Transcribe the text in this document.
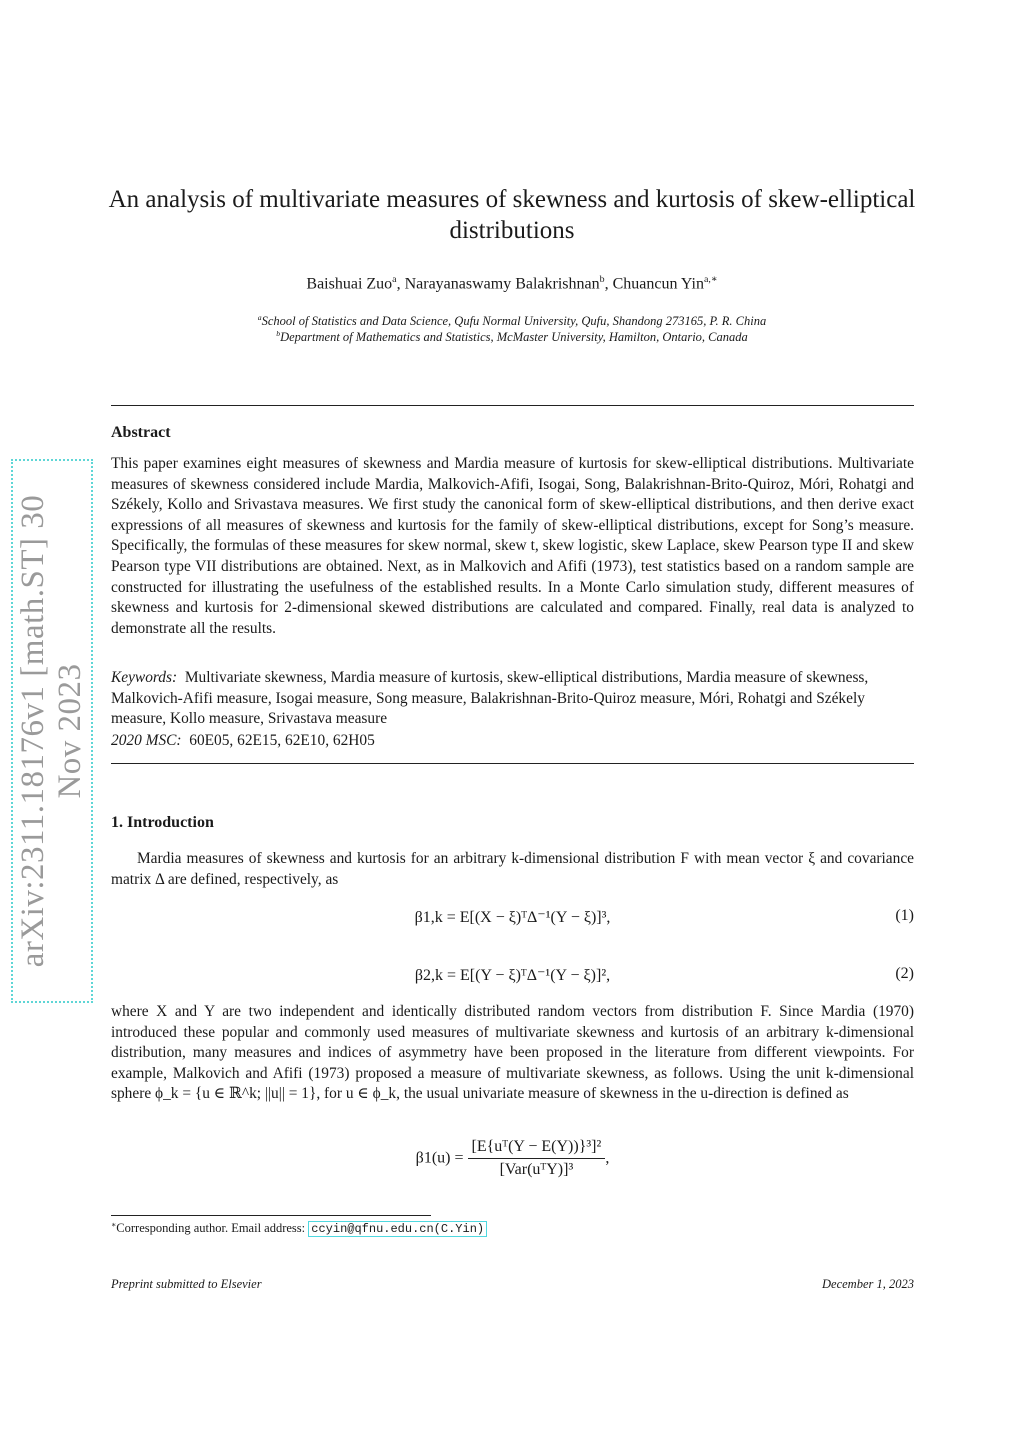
arXiv:2311.18176v1 [math.ST] 30 Nov 2023
An analysis of multivariate measures of skewness and kurtosis of skew-elliptical distributions
Baishuai Zuo$^a$, Narayanaswamy Balakrishnan$^b$, Chuancun Yin$^{a,∗}$
$^a$School of Statistics and Data Science, Qufu Normal University, Qufu, Shandong 273165, P. R. China
$^b$Department of Mathematics and Statistics, McMaster University, Hamilton, Ontario, Canada
Abstract
This paper examines eight measures of skewness and Mardia measure of kurtosis for skew-elliptical distributions. Multivariate measures of skewness considered include Mardia, Malkovich-Afifi, Isogai, Song, Balakrishnan-Brito-Quiroz, Móri, Rohatgi and Székely, Kollo and Srivastava measures. We first study the canonical form of skew-elliptical distributions, and then derive exact expressions of all measures of skewness and kurtosis for the family of skew-elliptical distributions, except for Song’s measure. Specifically, the formulas of these measures for skew normal, skew t, skew logistic, skew Laplace, skew Pearson type II and skew Pearson type VII distributions are obtained. Next, as in Malkovich and Afifi (1973), test statistics based on a random sample are constructed for illustrating the usefulness of the established results. In a Monte Carlo simulation study, different measures of skewness and kurtosis for 2-dimensional skewed distributions are calculated and compared. Finally, real data is analyzed to demonstrate all the results.
Keywords: Multivariate skewness, Mardia measure of kurtosis, skew-elliptical distributions, Mardia measure of skewness, Malkovich-Afifi measure, Isogai measure, Song measure, Balakrishnan-Brito-Quiroz measure, Móri, Rohatgi and Székely measure, Kollo measure, Srivastava measure
2020 MSC: 60E05, 62E15, 62E10, 62H05
1. Introduction
Mardia measures of skewness and kurtosis for an arbitrary k-dimensional distribution F with mean vector ξ and covariance matrix Δ are defined, respectively, as
β1,k = E[(X − ξ)ᵀΔ⁻¹(Y − ξ)]³,	(1)
β2,k = E[(Y − ξ)ᵀΔ⁻¹(Y − ξ)]²,	(2)
where X and Y are two independent and identically distributed random vectors from distribution F. Since Mardia (1970) introduced these popular and commonly used measures of multivariate skewness and kurtosis of an arbitrary k-dimensional distribution, many measures and indices of asymmetry have been proposed in the literature from different viewpoints. For example, Malkovich and Afifi (1973) proposed a measure of multivariate skewness, as follows. Using the unit k-dimensional sphere ϕ_k = {u ∈ ℝ^k; ||u|| = 1}, for u ∈ ϕ_k, the usual univariate measure of skewness in the u-direction is defined as
$\beta 1(u) = \frac{\text{[E\{uᵀ(Y − E(Y))\}³]²}}{\text{[Var(uᵀY)]³}}$ ,
∗Corresponding author. Email address: ccyin@qfnu.edu.cn(C.Yin)
Preprint submitted to Elsevier	December 1, 2023
